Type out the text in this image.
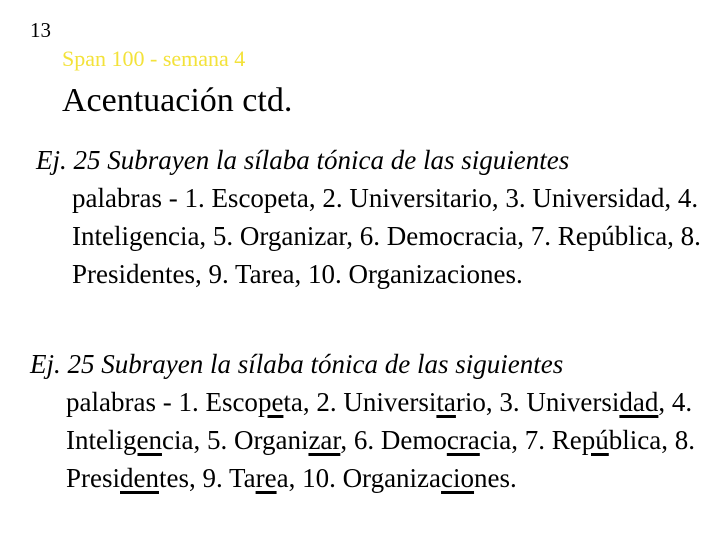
13
Span 100 - semana 4
Acentuación ctd.

Ej. 25 Subrayen la sílaba tónica de las siguientes
palabras - 1. Escopeta, 2. Universitario, 3. Universidad, 4. Inteligencia, 5. Organizar, 6. Democracia, 7. República, 8. Presidentes, 9. Tarea, 10. Organizaciones.

Ej. 25 Subrayen la sílaba tónica de las siguientes
palabras - 1. Escopeta, 2. Universitario, 3. Universidad, 4. Inteligencia, 5. Organizar, 6. Democracia, 7. República, 8. Presidentes, 9. Tarea, 10. Organizaciones.
